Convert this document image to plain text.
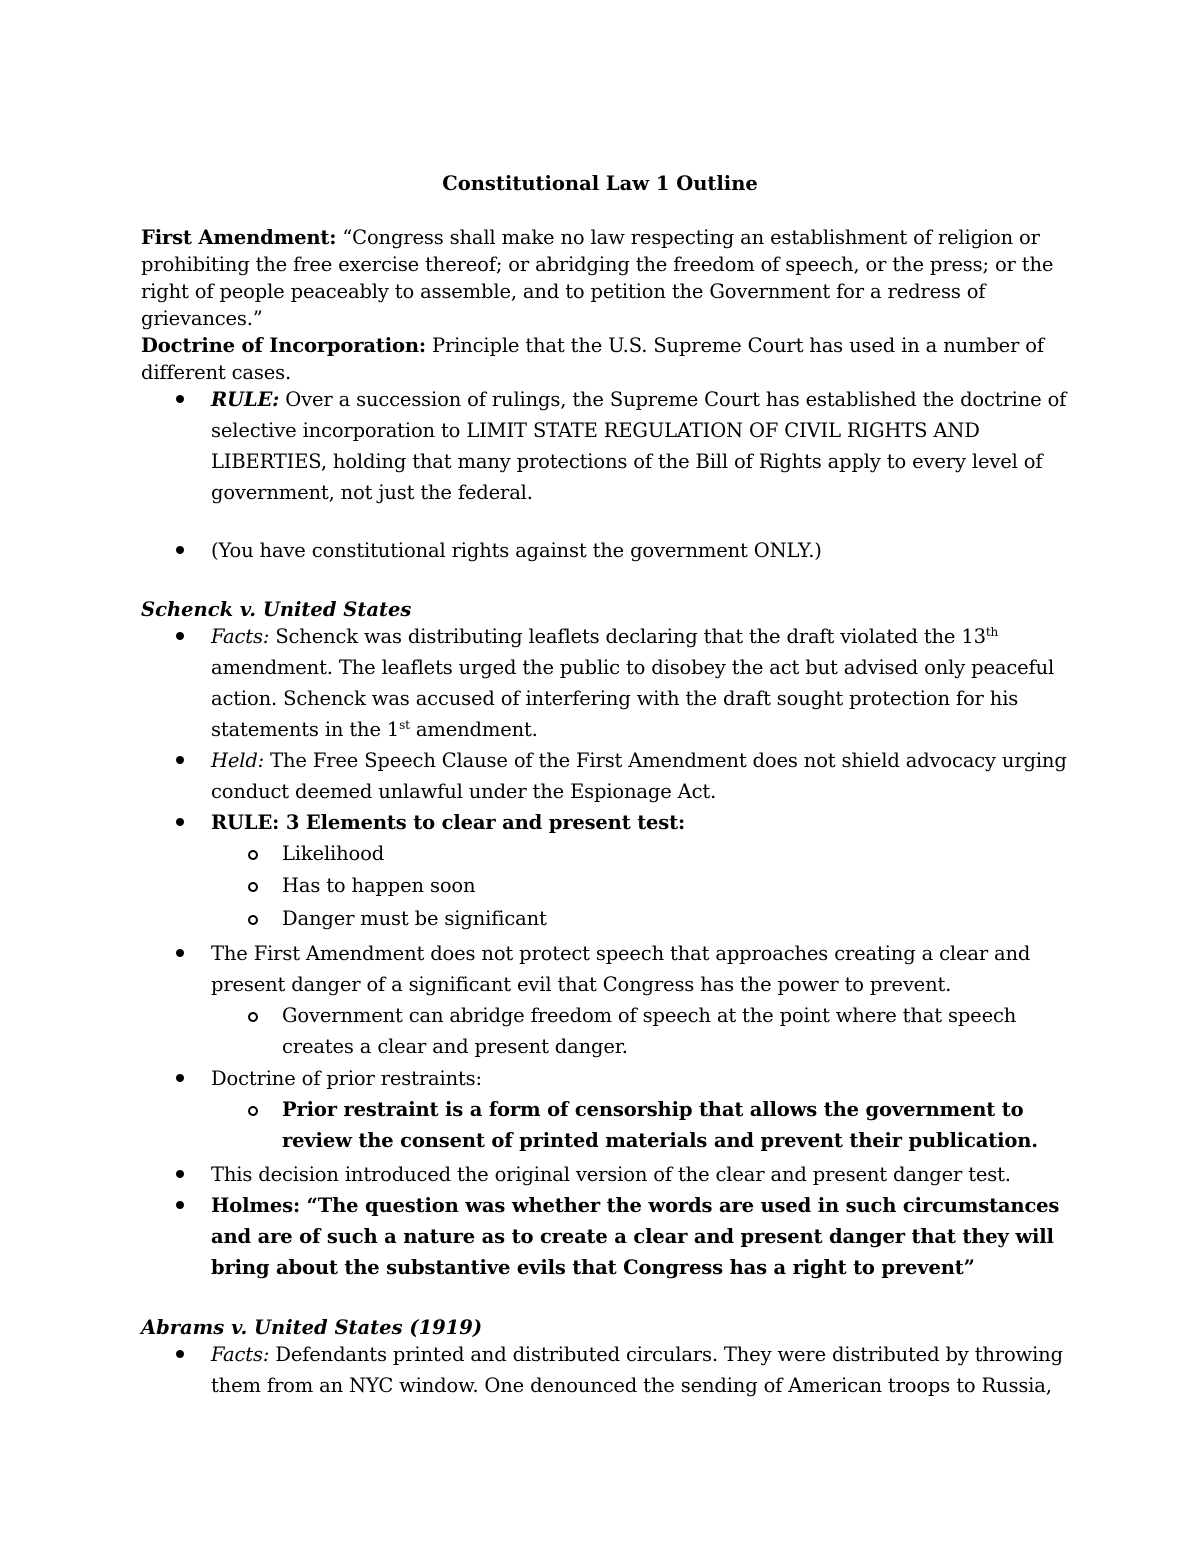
Constitutional Law 1 Outline
First Amendment: “Congress shall make no law respecting an establishment of religion or prohibiting the free exercise thereof; or abridging the freedom of speech, or the press; or the right of people peaceably to assemble, and to petition the Government for a redress of grievances.”
Doctrine of Incorporation: Principle that the U.S. Supreme Court has used in a number of different cases.
RULE: Over a succession of rulings, the Supreme Court has established the doctrine of selective incorporation to LIMIT STATE REGULATION OF CIVIL RIGHTS AND LIBERTIES, holding that many protections of the Bill of Rights apply to every level of government, not just the federal.
(You have constitutional rights against the government ONLY.)
Schenck v. United States
Facts: Schenck was distributing leaflets declaring that the draft violated the 13th amendment. The leaflets urged the public to disobey the act but advised only peaceful action. Schenck was accused of interfering with the draft sought protection for his statements in the 1st amendment.
Held: The Free Speech Clause of the First Amendment does not shield advocacy urging conduct deemed unlawful under the Espionage Act.
RULE: 3 Elements to clear and present test:
Likelihood
Has to happen soon
Danger must be significant
The First Amendment does not protect speech that approaches creating a clear and present danger of a significant evil that Congress has the power to prevent.
Government can abridge freedom of speech at the point where that speech creates a clear and present danger.
Doctrine of prior restraints:
Prior restraint is a form of censorship that allows the government to review the consent of printed materials and prevent their publication.
This decision introduced the original version of the clear and present danger test.
Holmes: “The question was whether the words are used in such circumstances and are of such a nature as to create a clear and present danger that they will bring about the substantive evils that Congress has a right to prevent”
Abrams v. United States (1919)
Facts: Defendants printed and distributed circulars. They were distributed by throwing them from an NYC window. One denounced the sending of American troops to Russia,
